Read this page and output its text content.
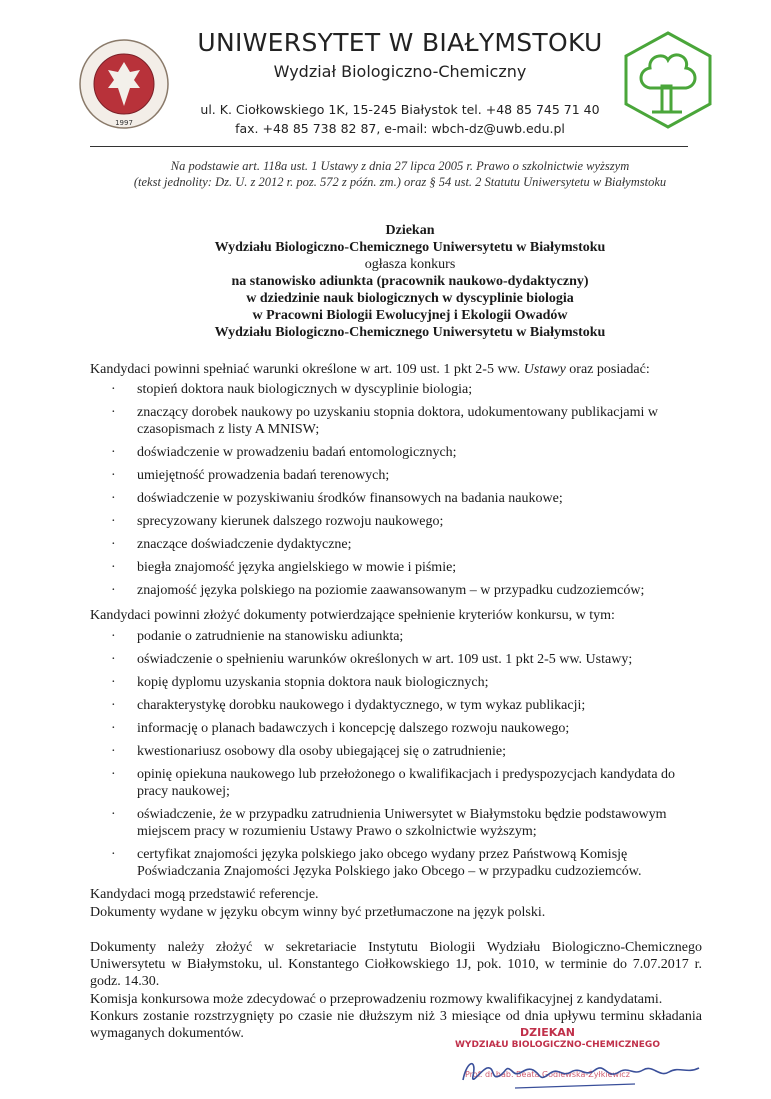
1997
UNIWERSYTET W BIAŁYMSTOKU
Wydział Biologiczno-Chemiczny
ul. K. Ciołkowskiego 1K, 15-245 Białystok tel. +48 85 745 71 40
fax. +48 85 738 82 87, e-mail: wbch-dz@uwb.edu.pl
Na podstawie art. 118a ust. 1 Ustawy z dnia 27 lipca 2005 r. Prawo o szkolnictwie wyższym
(tekst jednolity: Dz. U. z 2012 r. poz. 572 z późn. zm.) oraz § 54 ust. 2 Statutu Uniwersytetu w Białymstoku
Dziekan
Wydziału Biologiczno-Chemicznego Uniwersytetu w Białymstoku
ogłasza konkurs
na stanowisko adiunkta (pracownik naukowo-dydaktyczny)
w dziedzinie nauk biologicznych w dyscyplinie biologia
w Pracowni Biologii Ewolucyjnej i Ekologii Owadów
Wydziału Biologiczno-Chemicznego Uniwersytetu w Białymstoku
Kandydaci powinni spełniać warunki określone w art. 109 ust. 1 pkt 2-5 ww. Ustawy oraz posiadać:
· stopień doktora nauk biologicznych w dyscyplinie biologia;
· znaczący dorobek naukowy po uzyskaniu stopnia doktora, udokumentowany publikacjami w czasopismach z listy A MNISW;
· doświadczenie w prowadzeniu badań entomologicznych;
· umiejętność prowadzenia badań terenowych;
· doświadczenie w pozyskiwaniu środków finansowych na badania naukowe;
· sprecyzowany kierunek dalszego rozwoju naukowego;
· znaczące doświadczenie dydaktyczne;
· biegła znajomość języka angielskiego w mowie i piśmie;
· znajomość języka polskiego na poziomie zaawansowanym – w przypadku cudzoziemców;
Kandydaci powinni złożyć dokumenty potwierdzające spełnienie kryteriów konkursu, w tym:
· podanie o zatrudnienie na stanowisku adiunkta;
· oświadczenie o spełnieniu warunków określonych w art. 109 ust. 1 pkt 2-5 ww. Ustawy;
· kopię dyplomu uzyskania stopnia doktora nauk biologicznych;
· charakterystykę dorobku naukowego i dydaktycznego, w tym wykaz publikacji;
· informację o planach badawczych i koncepcję dalszego rozwoju naukowego;
· kwestionariusz osobowy dla osoby ubiegającej się o zatrudnienie;
· opinię opiekuna naukowego lub przełożonego o kwalifikacjach i predyspozycjach kandydata do pracy naukowej;
· oświadczenie, że w przypadku zatrudnienia Uniwersytet w Białymstoku będzie podstawowym miejscem pracy w rozumieniu Ustawy Prawo o szkolnictwie wyższym;
· certyfikat znajomości języka polskiego jako obcego wydany przez Państwową Komisję Poświadczania Znajomości Języka Polskiego jako Obcego – w przypadku cudzoziemców.
Kandydaci mogą przedstawić referencje.
Dokumenty wydane w języku obcym winny być przetłumaczone na język polski.
Dokumenty należy złożyć w sekretariacie Instytutu Biologii Wydziału Biologiczno-Chemicznego Uniwersytetu w Białymstoku, ul. Konstantego Ciołkowskiego 1J, pok. 1010, w terminie do 7.07.2017 r. godz. 14.30.
Komisja konkursowa może zdecydować o przeprowadzeniu rozmowy kwalifikacyjnej z kandydatami.
Konkurs zostanie rozstrzygnięty po czasie nie dłuższym niż 3 miesiące od dnia upływu terminu składania wymaganych dokumentów.	DZIEKAN
WYDZIAŁU BIOLOGICZNO-CHEMICZNEGO
Prof. dr hab. Beata Godlewska-Żyłkiewicz
